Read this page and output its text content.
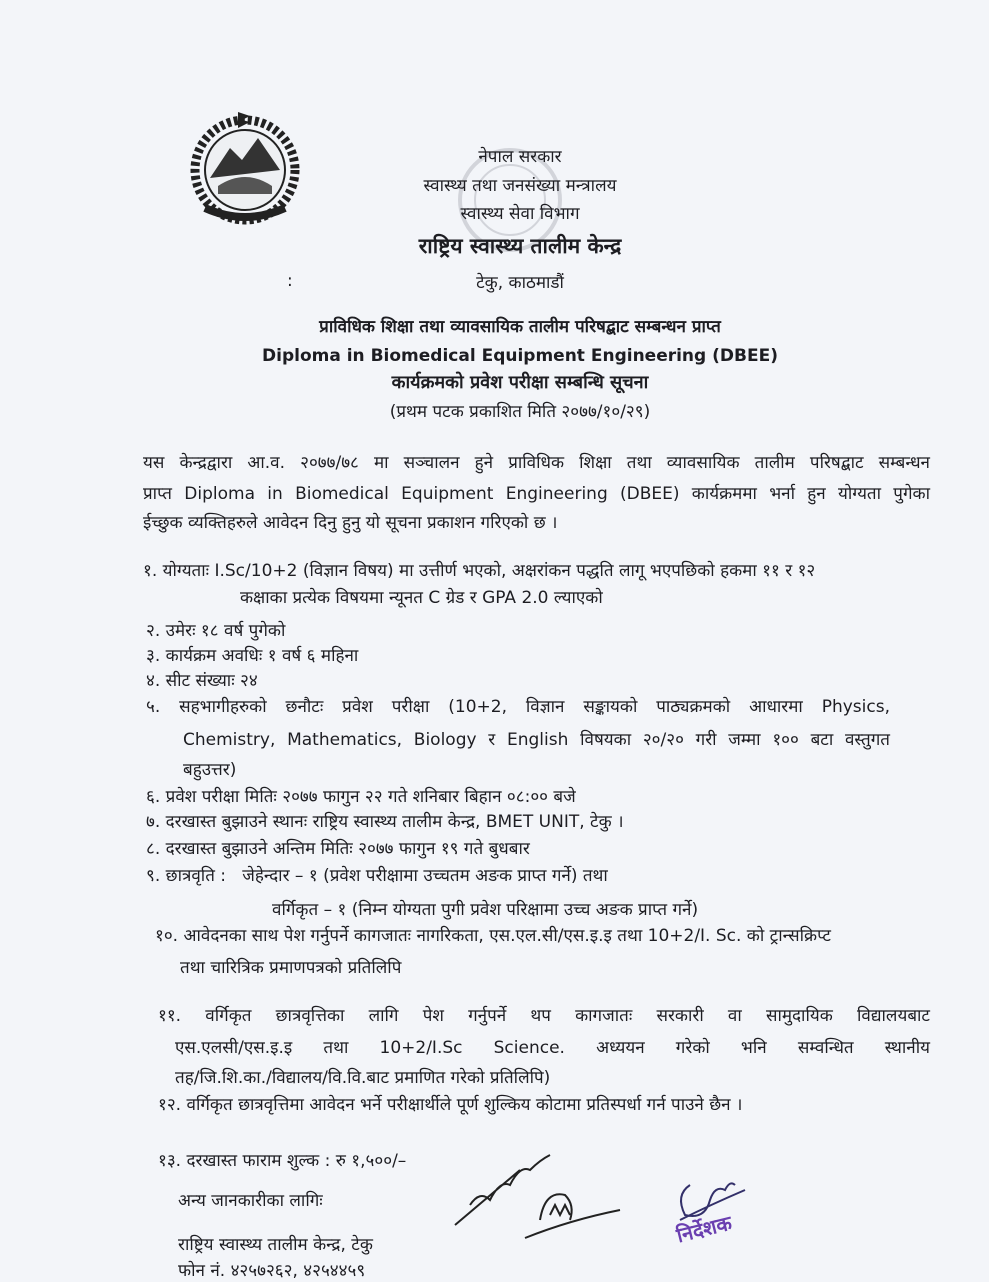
नेपाल सरकार
स्वास्थ्य तथा जनसंख्या मन्त्रालय
स्वास्थ्य सेवा विभाग
राष्ट्रिय स्वास्थ्य तालीम केन्द्र
टेकु, काठमाडौं
:
प्राविधिक शिक्षा तथा व्यावसायिक तालीम परिषद्बाट सम्बन्धन प्राप्त
Diploma in Biomedical Equipment Engineering (DBEE)
कार्यक्रमको प्रवेश परीक्षा सम्बन्धि सूचना
(प्रथम पटक प्रकाशित मिति २०७७/१०/२९)
यस केन्द्रद्वारा आ.व. २०७७/७८ मा सञ्चालन हुने प्राविधिक शिक्षा तथा व्यावसायिक तालीम परिषद्बाट सम्बन्धन
प्राप्त Diploma in Biomedical Equipment Engineering (DBEE) कार्यक्रममा भर्ना हुन योग्यता पुगेका
ईच्छुक व्यक्तिहरुले आवेदन दिनु हुनु यो सूचना प्रकाशन गरिएको छ ।
१. योग्यताः I.Sc/10+2 (विज्ञान विषय) मा उत्तीर्ण भएको, अक्षरांकन पद्धति लागू भएपछिको हकमा ११ र १२
कक्षाका प्रत्येक विषयमा न्यूनत C ग्रेड र GPA 2.0 ल्याएको
२. उमेरः १८ वर्ष पुगेको
३. कार्यक्रम अवधिः १ वर्ष ६ महिना
४. सीट संख्याः २४
५. सहभागीहरुको छनौटः प्रवेश परीक्षा (10+2, विज्ञान सङ्कायको पाठ्यक्रमको आधारमा Physics,
Chemistry, Mathematics, Biology र English विषयका २०/२० गरी जम्मा १०० बटा वस्तुगत
बहुउत्तर)
६. प्रवेश परीक्षा मितिः २०७७ फागुन २२ गते शनिबार बिहान ०८:०० बजे
७. दरखास्त बुझाउने स्थानः राष्ट्रिय स्वास्थ्य तालीम केन्द्र, BMET UNIT, टेकु ।
८. दरखास्त बुझाउने अन्तिम मितिः २०७७ फागुन १९ गते बुधबार
९. छात्रवृति :   जेहेन्दार – १ (प्रवेश परीक्षामा उच्चतम अङक प्राप्त गर्ने) तथा
वर्गिकृत – १ (निम्न योग्यता पुगी प्रवेश परिक्षामा उच्च अङक प्राप्त गर्ने)
१०. आवेदनका साथ पेश गर्नुपर्ने कागजातः नागरिकता, एस.एल.सी/एस.इ.इ तथा 10+2/I. Sc. को ट्रान्सक्रिप्ट
तथा चारित्रिक प्रमाणपत्रको प्रतिलिपि
११. वर्गिकृत छात्रवृत्तिका लागि पेश गर्नुपर्ने थप कागजातः सरकारी वा सामुदायिक विद्यालयबाट
एस.एलसी/एस.इ.इ तथा 10+2/I.Sc Science. अध्ययन गरेको भनि सम्वन्धित स्थानीय
तह/जि.शि.का./विद्यालय/वि.वि.बाट प्रमाणित गरेको प्रतिलिपि)
१२. वर्गिकृत छात्रवृत्तिमा आवेदन भर्ने परीक्षार्थीले पूर्ण शुल्किय कोटामा प्रतिस्पर्धा गर्न पाउने छैन ।
१३. दरखास्त फाराम शुल्क : रु १,५००/–
अन्य जानकारीका लागिः
राष्ट्रिय स्वास्थ्य तालीम केन्द्र, टेकु
फोन नं. ४२५७२६२, ४२५४४५९
निर्देशक
